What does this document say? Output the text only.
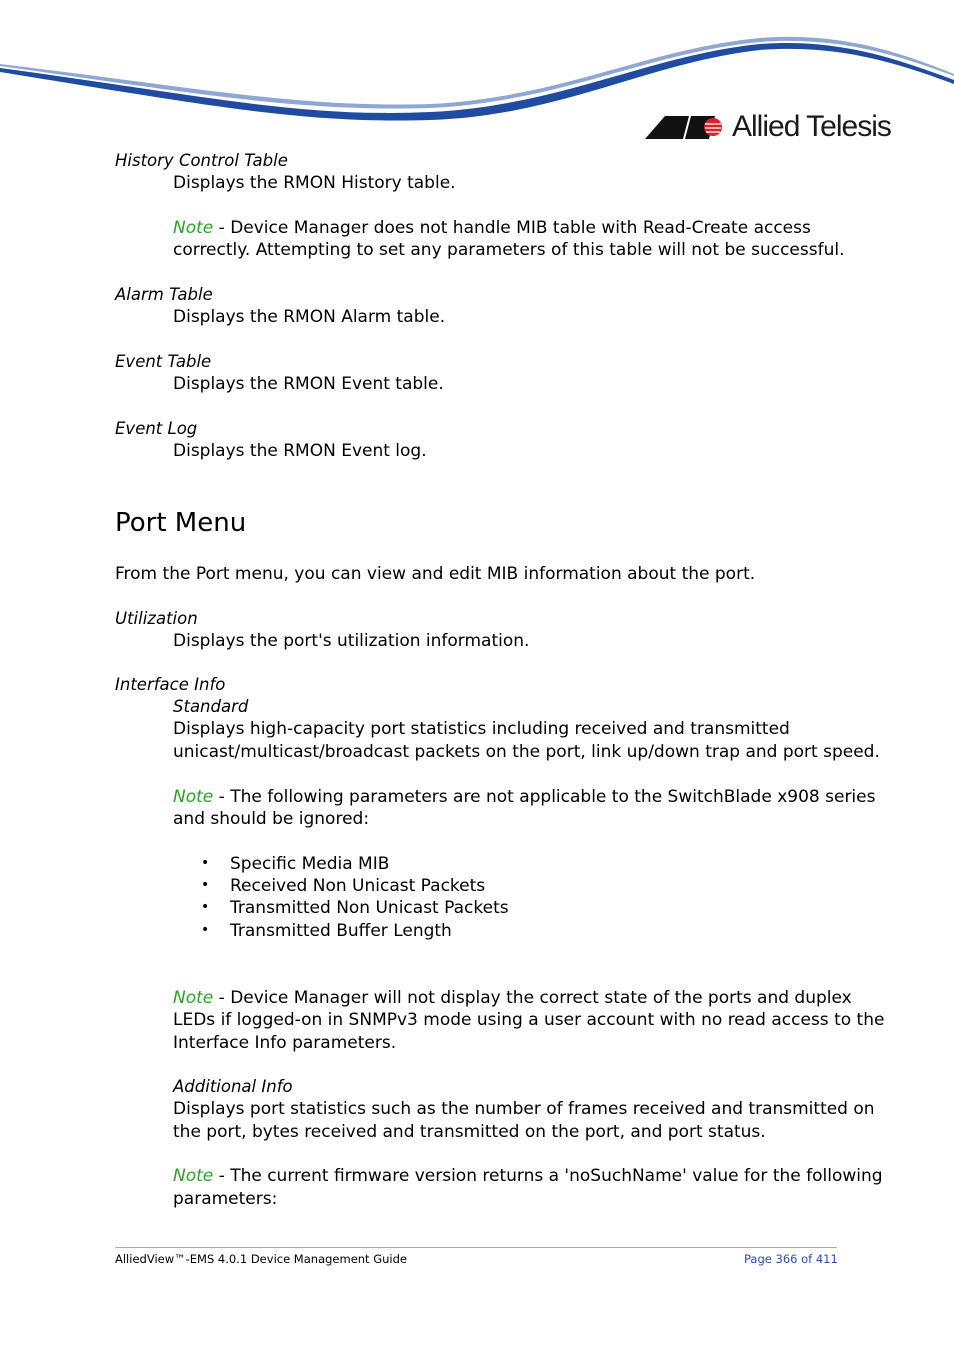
Allied Telesis
History Control Table
Displays the RMON History table.
Note - Device Manager does not handle MIB table with Read-Create access
correctly. Attempting to set any parameters of this table will not be successful.
Alarm Table
Displays the RMON Alarm table.
Event Table
Displays the RMON Event table.
Event Log
Displays the RMON Event log.
Port Menu
From the Port menu, you can view and edit MIB information about the port.
Utilization
Displays the port's utilization information.
Interface Info
Standard
Displays high-capacity port statistics including received and transmitted
unicast/multicast/broadcast packets on the port, link up/down trap and port speed.
Note - The following parameters are not applicable to the SwitchBlade x908 series
and should be ignored:
• Specific Media MIB
• Received Non Unicast Packets
• Transmitted Non Unicast Packets
• Transmitted Buffer Length
Note - Device Manager will not display the correct state of the ports and duplex
LEDs if logged-on in SNMPv3 mode using a user account with no read access to the
Interface Info parameters.
Additional Info
Displays port statistics such as the number of frames received and transmitted on
the port, bytes received and transmitted on the port, and port status.
Note - The current firmware version returns a 'noSuchName' value for the following
parameters:
AlliedView™-EMS 4.0.1 Device Management Guide	Page 366 of 411
